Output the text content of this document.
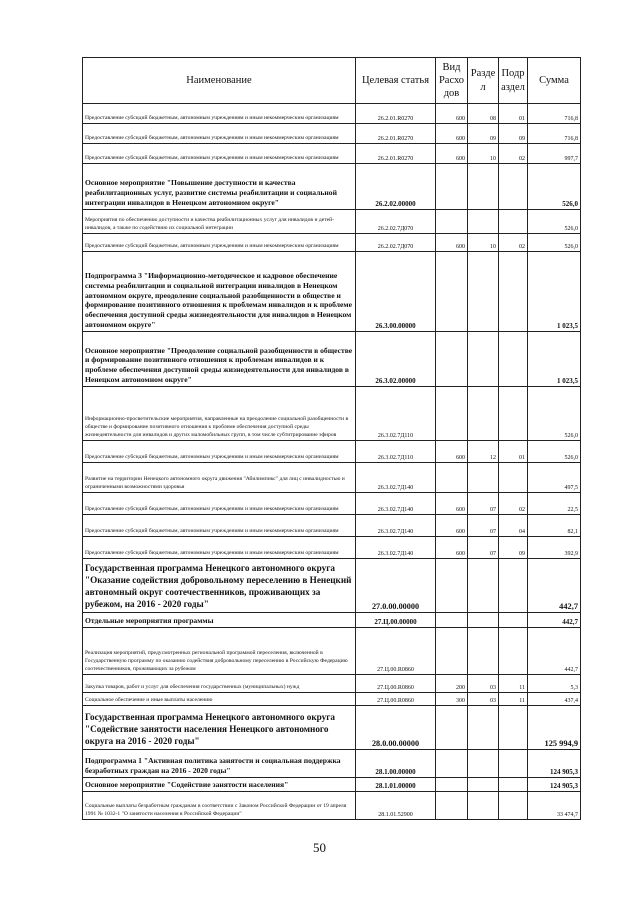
Наименование	Целевая статья	Вид Расхо дов	Разде л	Подр аздел	Сумма
Предоставление субсидий бюджетным, автономным учреждениям и иным некоммерческим организациям	26.2.01.R0270	600	08	01	716,8
Предоставление субсидий бюджетным, автономным учреждениям и иным некоммерческим организациям	26.2.01.R0270	600	09	09	716,8
Предоставление субсидий бюджетным, автономным учреждениям и иным некоммерческим организациям	26.2.01.R0270	600	10	02	997,7
Основное мероприятие "Повышение доступности и качества реабилитационных услуг, развитие системы реабилитации и социальной интеграции инвалидов в Ненецком автономном округе"	26.2.02.00000				526,0
Мероприятия по обеспечению доступности и качества реабилитационных услуг для инвалидов и детей-инвалидов, а также по содействию их социальной интеграции	26.2.02.7Д070				526,0
Предоставление субсидий бюджетным, автономным учреждениям и иным некоммерческим организациям	26.2.02.7Д070	600	10	02	526,0
Подпрограмма 3 "Информационно-методическое и кадровое обеспечение системы реабилитации и социальной интеграции инвалидов в Ненецком автономном округе, преодоление социальной разобщенности в обществе и формирование позитивного отношения к проблемам инвалидов и к проблеме обеспечения доступной среды жизнедеятельности для инвалидов в Ненецком автономном округе"	26.3.00.00000				1 023,5
Основное мероприятие "Преодоление социальной разобщенности в обществе и формирование позитивного отношения к проблемам инвалидов и к проблеме обеспечения доступной среды жизнедеятельности для инвалидов в Ненецком автономном округе"	26.3.02.00000				1 023,5
Информационно-просветительские мероприятия, направленные на преодоление социальной разобщенности в обществе и формирование позитивного отношения к проблеме обеспечения доступной среды жизнедеятельности для инвалидов и других маломобильных групп, в том числе субтитрирование эфиров	26.3.02.7Д110				526,0
Предоставление субсидий бюджетным, автономным учреждениям и иным некоммерческим организациям	26.3.02.7Д110	600	12	01	526,0
Развитие на территории Ненецкого автономного округа движения "Абилимпикс" для лиц с инвалидностью и ограниченными возможностями здоровья	26.3.02.7Д140				497,5
Предоставление субсидий бюджетным, автономным учреждениям и иным некоммерческим организациям	26.3.02.7Д140	600	07	02	22,5
Предоставление субсидий бюджетным, автономным учреждениям и иным некоммерческим организациям	26.3.02.7Д140	600	07	04	82,1
Предоставление субсидий бюджетным, автономным учреждениям и иным некоммерческим организациям	26.3.02.7Д140	600	07	09	392,9
Государственная программа Ненецкого автономного округа "Оказание содействия добровольному переселению в Ненецкий автономный округ соотечественников, проживающих за рубежом, на 2016 - 2020 годы"	27.0.00.00000				442,7
Отдельные мероприятия программы	27.Ц.00.00000				442,7
Реализация мероприятий, предусмотренных региональной программой переселения, включенной в Государственную программу по оказанию содействия добровольному переселению в Российскую Федерацию соотечественников, проживающих за рубежом	27.Ц.00.R0860				442,7
Закупка товаров, работ и услуг для обеспечения государственных (муниципальных) нужд	27.Ц.00.R0860	200	03	11	5,3
Социальное обеспечение и иные выплаты населению	27.Ц.00.R0860	300	03	11	437,4
Государственная программа Ненецкого автономного округа "Содействие занятости населения Ненецкого автономного округа на 2016 - 2020 годы"	28.0.00.00000				125 994,9
Подпрограмма 1 "Активная политика занятости и социальная поддержка безработных граждан на 2016 - 2020 годы"	28.1.00.00000				124 905,3
Основное мероприятие "Содействие занятости населения"	28.1.01.00000				124 905,3
Социальные выплаты безработным гражданам в соответствии с Законом Российской Федерации от 19 апреля 1991 № 1032-1 "О занятости населения в Российской Федерации"	28.1.01.52900				33 474,7
50
